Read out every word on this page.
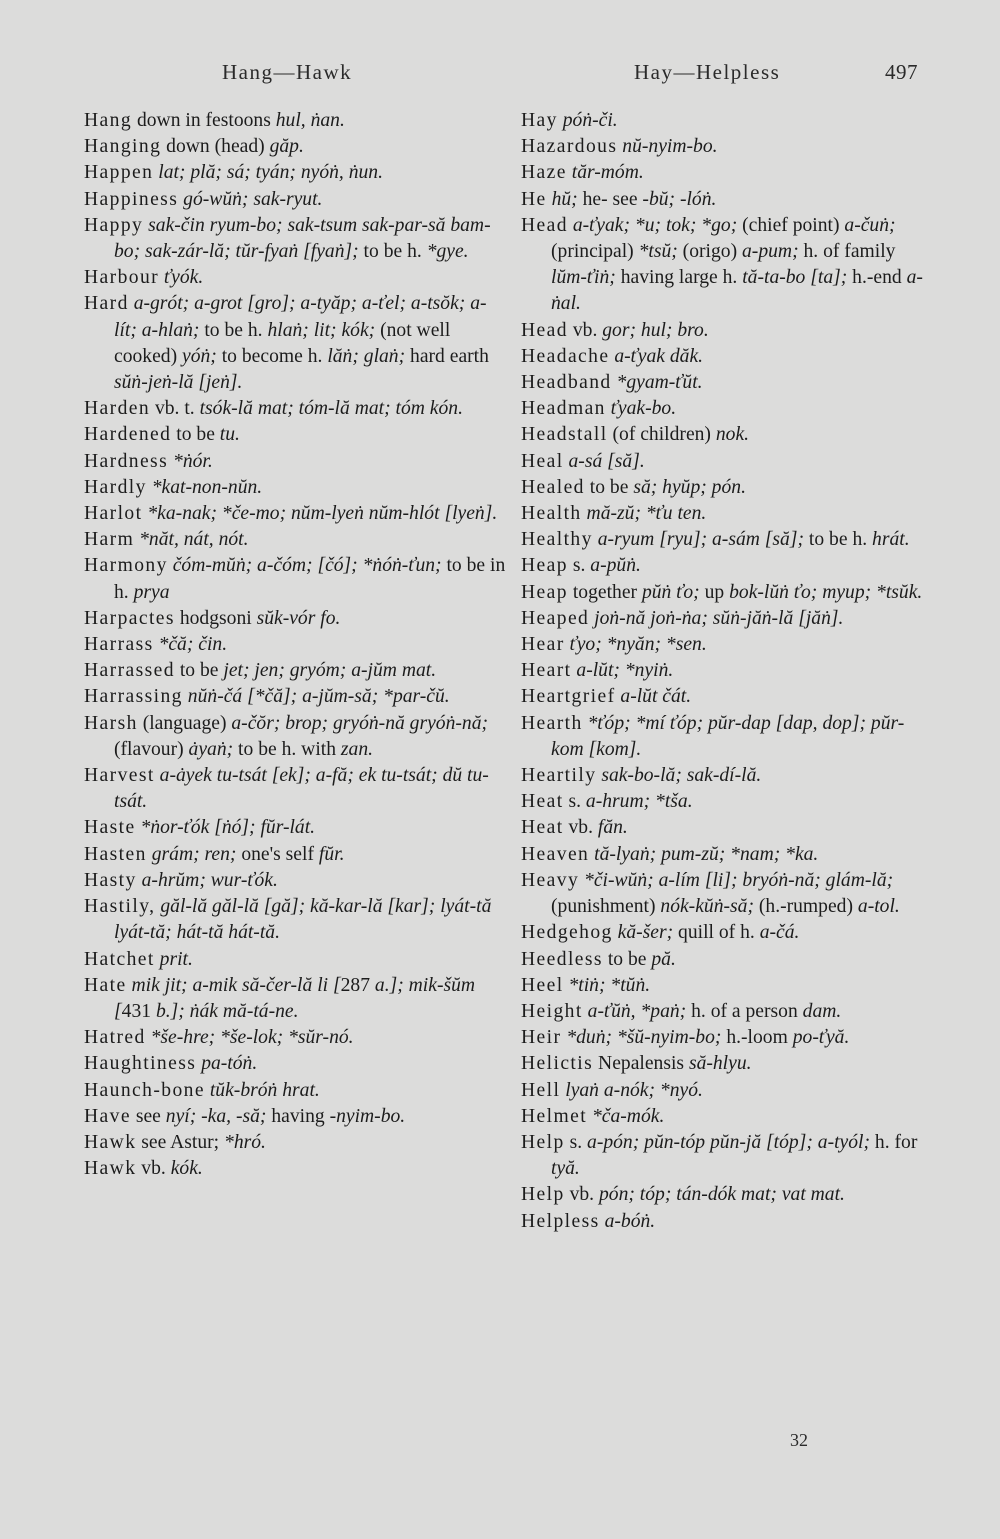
Hang—Hawk	Hay—Helpless	497
Hang down in festoons hul, ṅan.
Hanging down (head) găp.
Happen lat; plă; sá; tyán; nyóṅ, ṅun.
Happiness gó-wŭṅ; sak-ryut.
Happy sak-čin ryum-bo; sak-tsum sak-par-să bam-bo; sak-zár-lă; tŭr-fyaṅ [fyaṅ]; to be h. *gye.
Harbour ťyók.
Hard a-grót; a-grot [gro]; a-tyăp; a-ťel; a-tsŏk; a-lít; a-hlaṅ; to be h. hlaṅ; lit; kók; (not well cooked) yóṅ; to become h. lăṅ; glaṅ; hard earth sŭṅ-jeṅ-lă [jeṅ].
Harden vb. t. tsók-lă mat; tóm-lă mat; tóm kón.
Hardened to be tu.
Hardness *ṅór.
Hardly *kat-non-nŭn.
Harlot *ka-nak; *če-mo; nŭm-lyeṅ nŭm-hlót [lyeṅ].
Harm *năt, nát, nót.
Harmony čóm-mŭṅ; a-čóm; [čó]; *ṅóṅ-ťun; to be in h. prya
Harpactes hodgsoni sŭk-vór fo.
Harrass *čă; čin.
Harrassed to be jet; jen; gryóm; a-jŭm mat.
Harrassing nŭṅ-čá [*čă]; a-jŭm-să; *par-čŭ.
Harsh (language) a-čŏr; brop; gryóṅ-nă gryóṅ-nă; (flavour) ȧyaṅ; to be h. with zan.
Harvest a-ȧyek tu-tsát [ek]; a-fă; ek tu-tsát; dŭ tu-tsát.
Haste *ṅor-ťók [ṅó]; fŭr-lát.
Hasten grám; ren; one's self fŭr.
Hasty a-hrŭm; wur-ťók.
Hastily, găl-lă găl-lă [gă]; kă-kar-lă [kar]; lyát-tă lyát-tă; hát-tă hát-tă.
Hatchet prit.
Hate mik jit; a-mik să-čer-lă li [287 a.]; mik-šŭm [431 b.]; ṅák mă-tá-ne.
Hatred *še-hre; *še-lok; *sŭr-nó.
Haughtiness pa-tóṅ.
Haunch-bone tŭk-bróṅ hrat.
Have see nyí; -ka, -să; having -nyim-bo.
Hawk see Astur; *hró.
Hawk vb. kók.
Hay póṅ-či.
Hazardous nŭ-nyim-bo.
Haze tăr-móm.
He hŭ; he- see -bŭ; -lóṅ.
Head a-ťyak; *u; tok; *go; (chief point) a-čuṅ; (principal) *tsŭ; (origo) a-pum; h. of family lŭm-ťiṅ; having large h. tă-ta-bo [ta]; h.-end a-ṅal.
Head vb. gor; hul; bro.
Headache a-ťyak dăk.
Headband *gyam-ťŭt.
Headman ťyak-bo.
Headstall (of children) nok.
Heal a-sá [să].
Healed to be să; hyŭp; pón.
Health mă-zŭ; *ťu ten.
Healthy a-ryum [ryu]; a-sám [să]; to be h. hrát.
Heap s. a-pŭṅ.
Heap together pŭṅ ťo; up bok-lŭṅ ťo; myup; *tsŭk.
Heaped joṅ-nă joṅ-ṅa; sŭṅ-jăṅ-lă [jăṅ].
Hear ťyo; *nyăn; *sen.
Heart a-lŭt; *nyiṅ.
Heartgrief a-lŭt čát.
Hearth *ťóp; *mí ťóp; pŭr-dap [dap, dop]; pŭr-kom [kom].
Heartily sak-bo-lă; sak-dí-lă.
Heat s. a-hrum; *tša.
Heat vb. făn.
Heaven tă-lyaṅ; pum-zŭ; *nam; *ka.
Heavy *či-wŭṅ; a-lím [li]; bryóṅ-nă; glám-lă; (punishment) nók-kŭṅ-să; (h.-rumped) a-tol.
Hedgehog kă-šer; quill of h. a-čá.
Heedless to be pă.
Heel *tiṅ; *tŭṅ.
Height a-ťŭṅ, *paṅ; h. of a person dam.
Heir *duṅ; *šŭ-nyim-bo; h.-loom po-ťyă.
Helictis Nepalensis să-hlyu.
Hell lyaṅ a-nók; *nyó.
Helmet *ča-mók.
Help s. a-pón; pŭn-tóp pŭn-jă [tóp]; a-tyól; h. for tyă.
Help vb. pón; tóp; tán-dók mat; vat mat.
Helpless a-bóṅ.
32
